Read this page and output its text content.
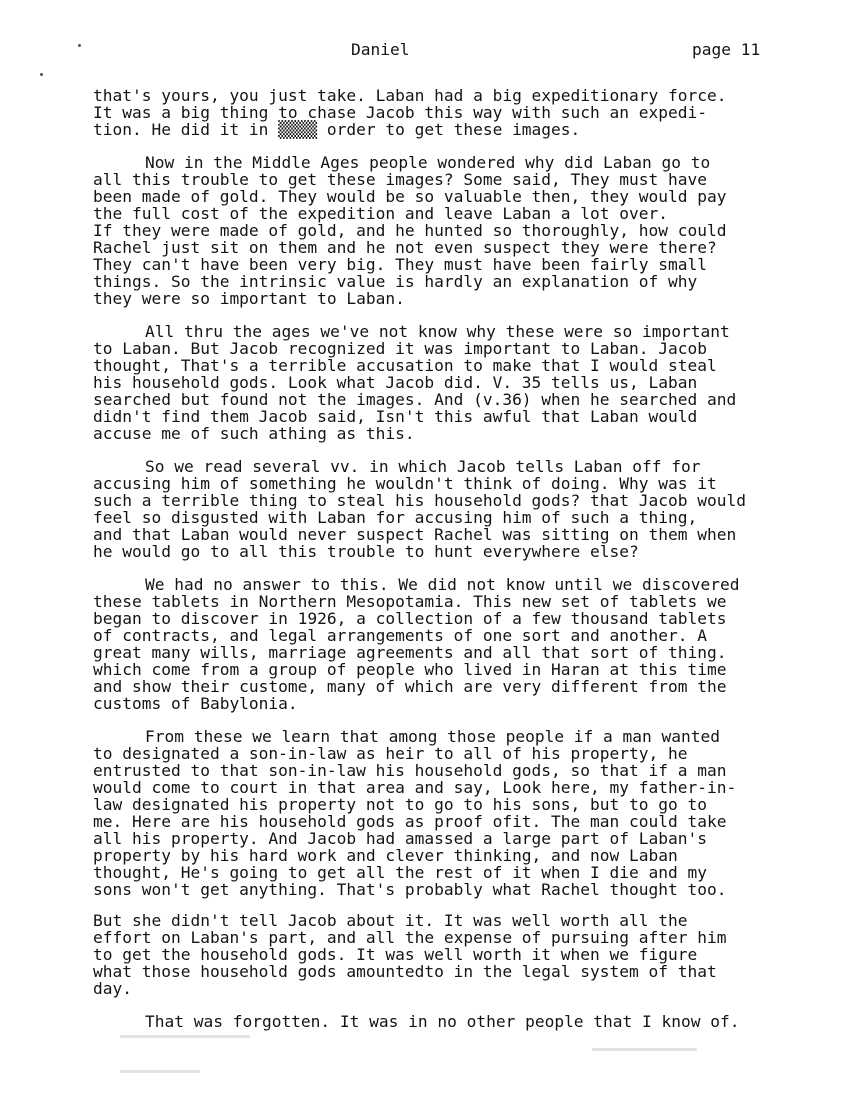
Daniel	page 11
that's yours, you just take. Laban had a big expeditionary force.
It was a big thing to chase Jacob this way with such an expedi-
tion. He did it in ▒▒▒▒ order to get these images.
Now in the Middle Ages people wondered why did Laban go to
all this trouble to get these images? Some said, They must have
been made of gold. They would be so valuable then, they would pay
the full cost of the expedition and leave Laban a lot over.
If they were made of gold, and he hunted so thoroughly, how could
Rachel just sit on them and he not even suspect they were there?
They can't have been very big. They must have been fairly small
things. So the intrinsic value is hardly an explanation of why
they were so important to Laban.
All thru the ages we've not know why these were so important
to Laban. But Jacob recognized it was important to Laban. Jacob
thought, That's a terrible accusation to make that I would steal
his household gods. Look what Jacob did. V. 35 tells us, Laban
searched but found not the images. And (v.36) when he searched and
didn't find them Jacob said, Isn't this awful that Laban would
accuse me of such athing as this.
So we read several vv. in which Jacob tells Laban off for
accusing him of something he wouldn't think of doing. Why was it
such a terrible thing to steal his household gods? that Jacob would
feel so disgusted with Laban for accusing him of such a thing,
and that Laban would never suspect Rachel was sitting on them when
he would go to all this trouble to hunt everywhere else?
We had no answer to this. We did not know until we discovered
these tablets in Northern Mesopotamia. This new set of tablets we
began to discover in 1926, a collection of a few thousand tablets
of contracts, and legal arrangements of one sort and another. A
great many wills, marriage agreements and all that sort of thing.
which come from a group of people who lived in Haran at this time
and show their custome, many of which are very different from the
customs of Babylonia.
From these we learn that among those people if a man wanted
to designated a son-in-law as heir to all of his property, he
entrusted to that son-in-law his household gods, so that if a man
would come to court in that area and say, Look here, my father-in-
law designated his property not to go to his sons, but to go to
me. Here are his household gods as proof ofit. The man could take
all his property. And Jacob had amassed a large part of Laban's
property by his hard work and clever thinking, and now Laban
thought, He's going to get all the rest of it when I die and my
sons won't get anything. That's probably what Rachel thought too.
But she didn't tell Jacob about it. It was well worth all the
effort on Laban's part, and all the expense of pursuing after him
to get the household gods. It was well worth it when we figure
what those household gods amountedto in the legal system of that
day.
That was forgotten. It was in no other people that I know of.
